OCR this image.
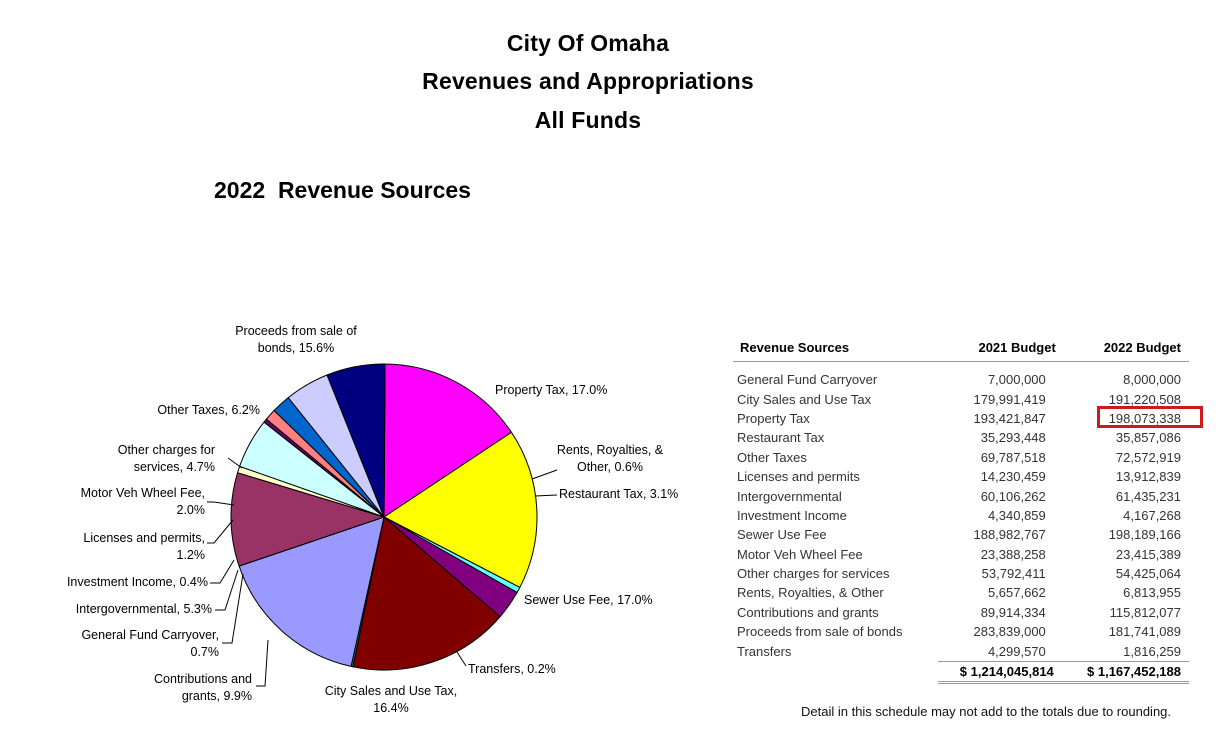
City Of Omaha
Revenues and Appropriations
All Funds
2022  Revenue Sources
Proceeds from sale of
bonds, 15.6%
Property Tax, 17.0%
Rents, Royalties, &
Other, 0.6%
Restaurant Tax, 3.1%
Sewer Use Fee, 17.0%
Transfers, 0.2%
City Sales and Use Tax,
16.4%
Contributions and
grants, 9.9%
General Fund Carryover,
0.7%
Intergovernmental, 5.3%
Investment Income, 0.4%
Licenses and permits,
1.2%
Motor Veh Wheel Fee,
2.0%
Other charges for
services, 4.7%
Other Taxes, 6.2%
Revenue Sources	2021 Budget	2022 Budget

General Fund Carryover	7,000,000	8,000,000
City Sales and Use Tax	179,991,419	191,220,508
Property Tax	193,421,847	198,073,338
Restaurant Tax	35,293,448	35,857,086
Other Taxes	69,787,518	72,572,919
Licenses and permits	14,230,459	13,912,839
Intergovernmental	60,106,262	61,435,231
Investment Income	4,340,859	4,167,268
Sewer Use Fee	188,982,767	198,189,166
Motor Veh Wheel Fee	23,388,258	23,415,389
Other charges for services	53,792,411	54,425,064
Rents, Royalties, & Other	5,657,662	6,813,955
Contributions and grants	89,914,334	115,812,077
Proceeds from sale of bonds	283,839,000	181,741,089
Transfers	4,299,570	1,816,259
	$ 1,214,045,814	$ 1,167,452,188
Detail in this schedule may not add to the totals due to rounding.
